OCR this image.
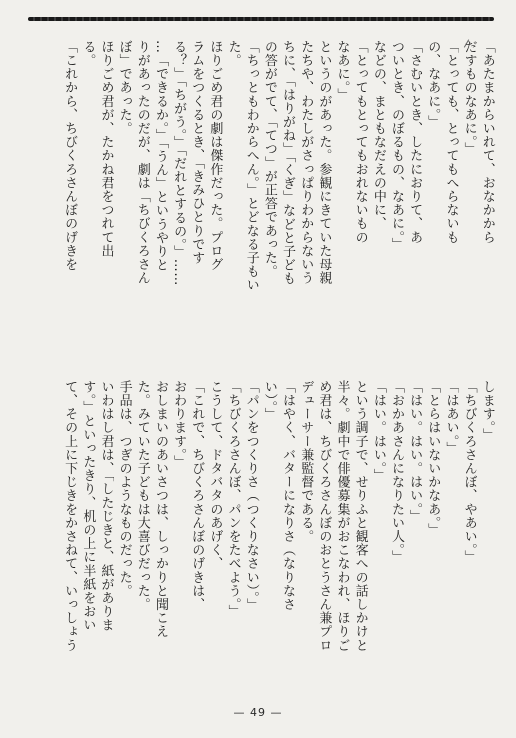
— 49 —
「あたまからいれて、おなかから
だすものなあに。」
「とっても、とってもへらないも
の、なあに。」
「さむいとき、したにおりて、あ
ついとき、のぼるもの、なあに。」
などの、まともなだえの中に、
「とってもとってもおれないもの
なあに。」
というのがあった。参観にきていた母親
たちや、わたしがさっぱりわからないう
ちに、「はりがね」「くぎ」などと子ども
の答がでて、「てつ」が正答であった。
「ちっともわからへん。」とどなる子もい
た。
ほりごめ君の劇は傑作だった。プログ
ラムをつくるとき、「きみひとりです
る？」「ちがう。」「だれとするの。」……
…「できるか。」「うん」というやりと
りがあったのだが、劇は「ちびくろさん
ぼ」であった。
ほりごめ君が、たかね君をつれて出
る。
「これから、ちびくろさんぼのげきを
します。」
「ちびくろさんぼ、やあい。」
「はあい。」
「とらはいないかなあ。」
「はい。はい。はい。」
「おかあさんになりたい人。」
「はい。はい。」
という調子で、せりふと観客への話しかけと
半々。劇中で俳優募集がおこなわれ、ほりご
め君は、ちびくろさんぼのおとうさん兼プロ
デューサー兼監督である。
「はやく、バターになりさ（なりなさ
い）。」
「パンをつくりさ（つくりなさい）。」
「ちびくろさんぼ、パンをたべよう。」
こうして、ドタバタのあげく、
「これで、ちびくろさんぼのげきは、
おわります。」
おしまいのあいさつは、しっかりと聞こえ
た。みていた子どもは大喜びだった。
手品は、つぎのようなものだった。
いわはし君は、「したじきと、紙がありま
す。」といったきり、机の上に半紙をおい
て、その上に下じきをかさねて、いっしょう
